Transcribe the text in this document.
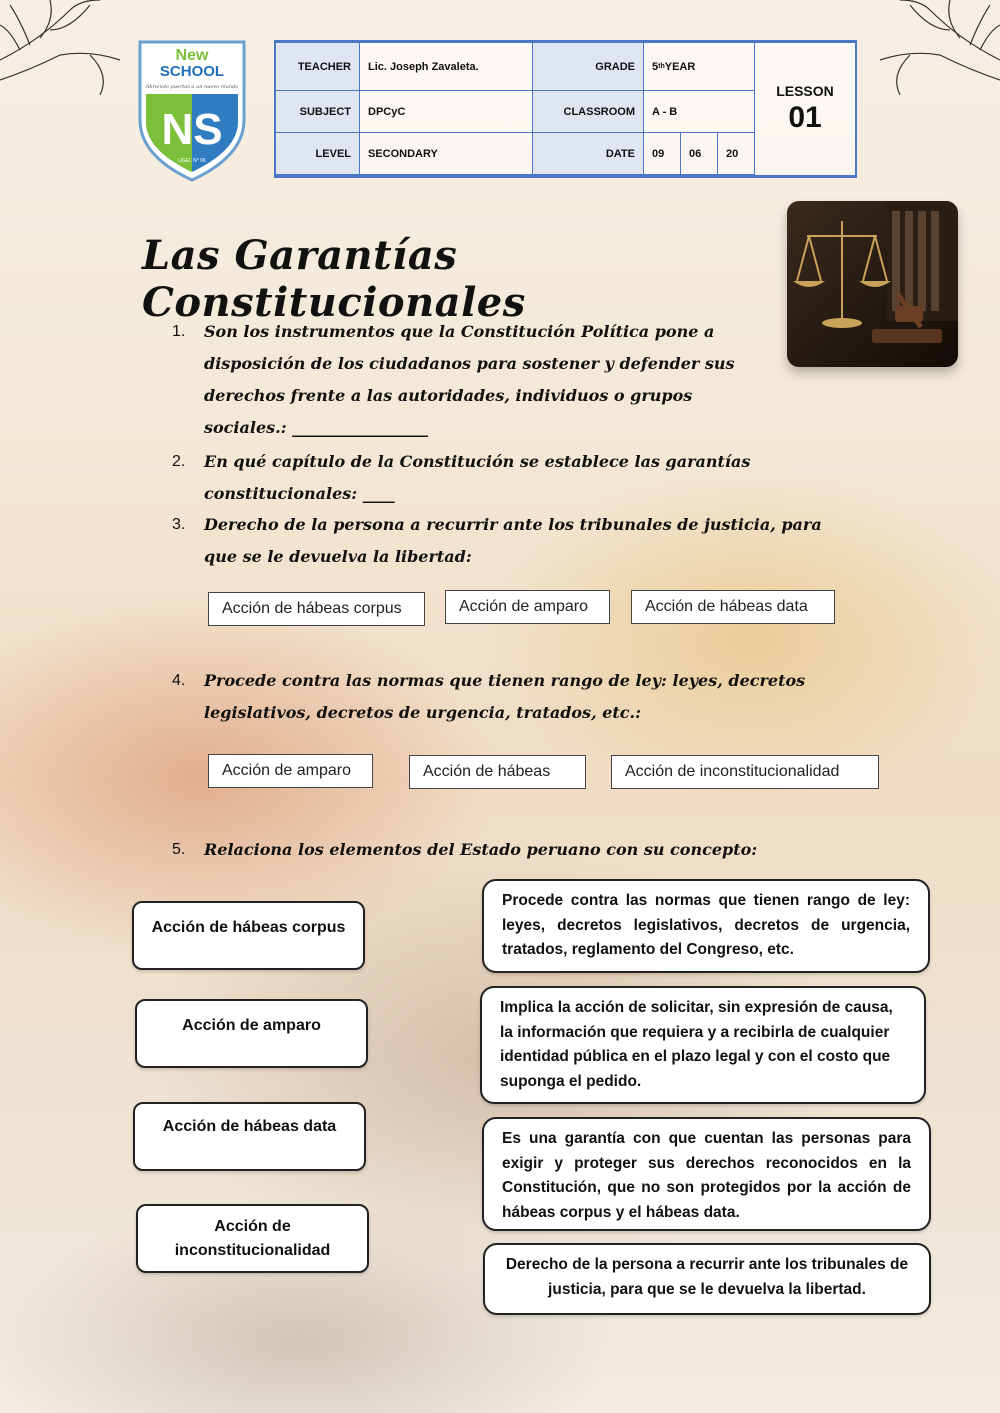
New
SCHOOL
Abriendo puertas a un nuevo mundo
NS
UGEL N° 06
TEACHER	Lic. Joseph Zavaleta.	GRADE	5 th YEAR
SUBJECT	DPCyC	CLASSROOM	A - B
LEVEL	SECONDARY	DATE	09	06	20
LESSON
01
Las Garantías Constitucionales
1. Son los instrumentos que la Constitución Política pone a disposición de los ciudadanos para sostener y defender sus derechos frente a las autoridades, individuos o grupos sociales.: _________________
2. En qué capítulo de la Constitución se establece las garantías constitucionales: ____
3. Derecho de la persona a recurrir ante los tribunales de justicia, para que se le devuelva la libertad:
Acción de hábeas corpus	Acción de amparo	Acción de hábeas data
4. Procede contra las normas que tienen rango de ley: leyes, decretos legislativos, decretos de urgencia, tratados, etc.:
Acción de amparo	Acción de hábeas	Acción de inconstitucionalidad
5. Relaciona los elementos del Estado peruano con su concepto:
Acción de hábeas corpus
Acción de amparo
Acción de hábeas data
Acción de inconstitucionalidad
Procede contra las normas que tienen rango de ley: leyes, decretos legislativos, decretos de urgencia, tratados, reglamento del Congreso, etc.
Implica la acción de solicitar, sin expresión de causa, la información que requiera y a recibirla de cualquier identidad pública en el plazo legal y con el costo que suponga el pedido.
Es una garantía con que cuentan las personas para exigir y proteger sus derechos reconocidos en la Constitución, que no son protegidos por la acción de hábeas corpus y el hábeas data.
Derecho de la persona a recurrir ante los tribunales de justicia, para que se le devuelva la libertad.
